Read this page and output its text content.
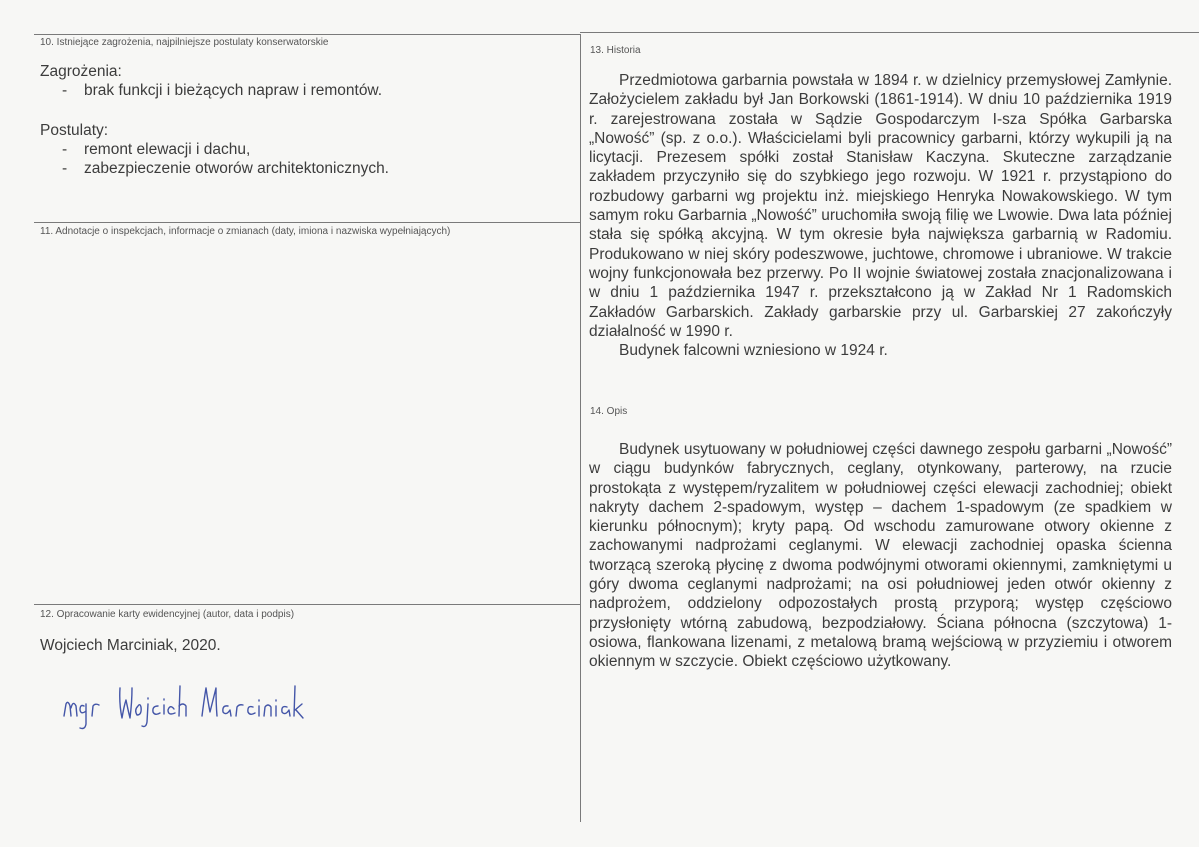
10. Istniejące zagrożenia, najpilniejsze postulaty konserwatorskie
Zagrożenia:
-	brak funkcji i bieżących napraw i remontów.
Postulaty:
-	remont elewacji i dachu,
-	zabezpieczenie otworów architektonicznych.
11. Adnotacje o inspekcjach, informacje o zmianach (daty, imiona i nazwiska wypełniających)
12. Opracowanie karty ewidencyjnej (autor, data i podpis)
Wojciech Marciniak, 2020.
13. Historia

Przedmiotowa garbarnia powstała w 1894 r. w dzielnicy przemysłowej Zamłynie. Założycielem zakładu był Jan Borkowski (1861-1914). W dniu 10 października 1919 r. zarejestrowana została w Sądzie Gospodarczym I-sza Spółka Garbarska „Nowość” (sp. z o.o.). Właścicielami byli pracownicy garbarni, którzy wykupili ją na licytacji. Prezesem spółki został Stanisław Kaczyna. Skuteczne zarządzanie zakładem przyczyniło się do szybkiego jego rozwoju. W 1921 r. przystąpiono do rozbudowy garbarni wg projektu inż. miejskiego Henryka Nowakowskiego. W tym samym roku Garbarnia „Nowość” uruchomiła swoją filię we Lwowie. Dwa lata później stała się spółką akcyjną. W tym okresie była największa garbarnią w Radomiu. Produkowano w niej skóry podeszwowe, juchtowe, chromowe i ubraniowe. W trakcie wojny funkcjonowała bez przerwy. Po II wojnie światowej została znacjonalizowana i w dniu 1 października 1947 r. przekształcono ją w Zakład Nr 1 Radomskich Zakładów Garbarskich. Zakłady garbarskie przy ul. Garbarskiej 27 zakończyły działalność w 1990 r.

Budynek falcowni wzniesiono w 1924 r.

14. Opis

Budynek usytuowany w południowej części dawnego zespołu garbarni „Nowość” w ciągu budynków fabrycznych, ceglany, otynkowany, parterowy, na rzucie prostokąta z występem/ryzalitem w południowej części elewacji zachodniej; obiekt nakryty dachem 2-spadowym, występ – dachem 1-spadowym (ze spadkiem w kierunku północnym); kryty papą. Od wschodu zamurowane otwory okienne z zachowanymi nadprożami ceglanymi. W elewacji zachodniej opaska ścienna tworzącą szeroką płycinę z dwoma podwójnymi otworami okiennymi, zamkniętymi u góry dwoma ceglanymi nadprożami; na osi południowej jeden otwór okienny z nadprożem, oddzielony odpozostałych prostą przyporą; występ częściowo przysłonięty wtórną zabudową, bezpodziałowy. Ściana północna (szczytowa) 1-osiowa, flankowana lizenami, z metalową bramą wejściową w przyziemiu i otworem okiennym w szczycie. Obiekt częściowo użytkowany.
